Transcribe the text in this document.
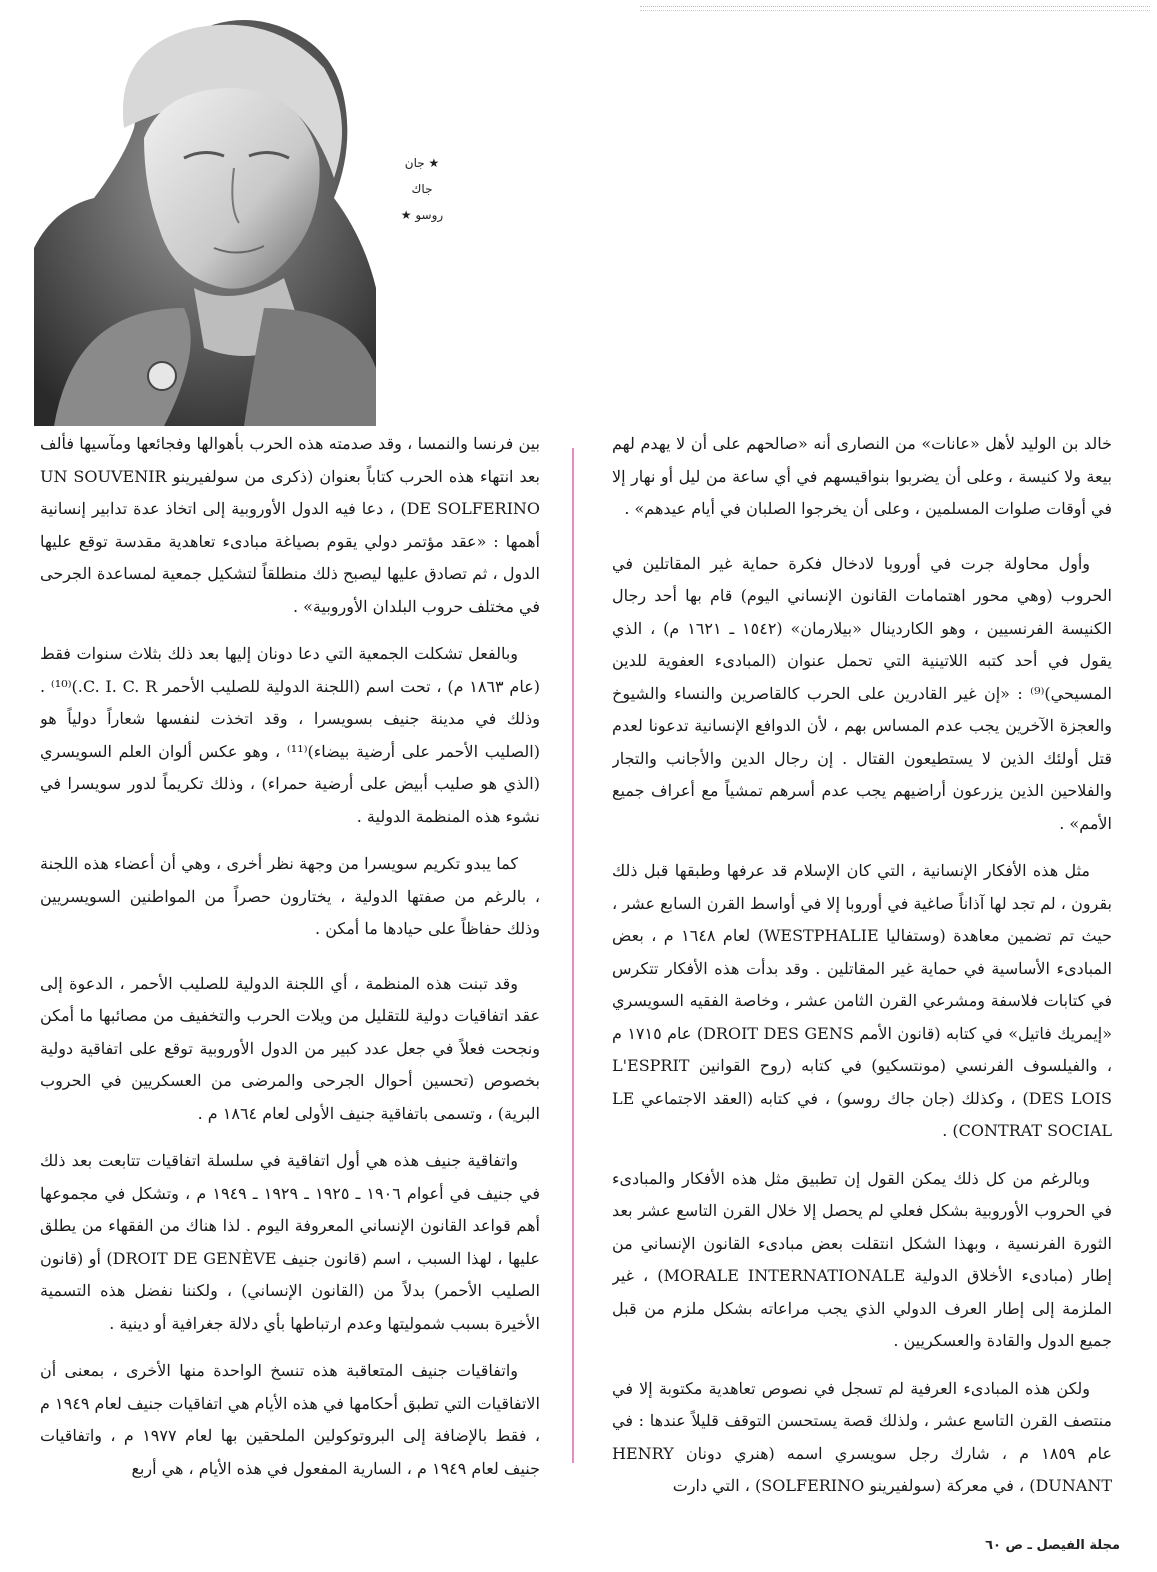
★ جان
جاك
روسو ★

خالد بن الوليد لأهل «عانات» من النصارى أنه «صالحهم على أن لا يهدم لهم بيعة ولا كنيسة ، وعلى أن يضربوا بنواقيسهم في أي ساعة من ليل أو نهار إلا في أوقات صلوات المسلمين ، وعلى أن يخرجوا الصلبان في أيام عيدهم» .

وأول محاولة جرت في أوروبا لادخال فكرة حماية غير المقاتلين في الحروب (وهي محور اهتمامات القانون الإنساني اليوم) قام بها أحد رجال الكنيسة الفرنسيين ، وهو الكاردينال «بيلارمان» (١٥٤٢ ـ ١٦٢١ م) ، الذي يقول في أحد كتبه اللاتينية التي تحمل عنوان (المبادىء العفوية للدين المسيحي)⁽⁹⁾ : «إن غير القادرين على الحرب كالقاصرين والنساء والشيوخ والعجزة الآخرين يجب عدم المساس بهم ، لأن الدوافع الإنسانية تدعونا لعدم قتل أولئك الذين لا يستطيعون القتال . إن رجال الدين والأجانب والتجار والفلاحين الذين يزرعون أراضيهم يجب عدم أسرهم تمشياً مع أعراف جميع الأمم» .

مثل هذه الأفكار الإنسانية ، التي كان الإسلام قد عرفها وطبقها قبل ذلك بقرون ، لم تجد لها آذاناً صاغية في أوروبا إلا في أواسط القرن السابع عشر ، حيث تم تضمين معاهدة (وستفاليا WESTPHALIE) لعام ١٦٤٨ م ، بعض المبادىء الأساسية في حماية غير المقاتلين . وقد بدأت هذه الأفكار تتكرس في كتابات فلاسفة ومشرعي القرن الثامن عشر ، وخاصة الفقيه السويسري «إيمريك فاتيل» في كتابه (قانون الأمم DROIT DES GENS) عام ١٧١٥ م ، والفيلسوف الفرنسي (مونتسكيو) في كتابه (روح القوانين L'ESPRIT DES LOIS) ، وكذلك (جان جاك روسو) ، في كتابه (العقد الاجتماعي LE CONTRAT SOCIAL) .

وبالرغم من كل ذلك يمكن القول إن تطبيق مثل هذه الأفكار والمبادىء في الحروب الأوروبية بشكل فعلي لم يحصل إلا خلال القرن التاسع عشر بعد الثورة الفرنسية ، وبهذا الشكل انتقلت بعض مبادىء القانون الإنساني من إطار (مبادىء الأخلاق الدولية MORALE INTERNATIONALE) ، غير الملزمة إلى إطار العرف الدولي الذي يجب مراعاته بشكل ملزم من قبل جميع الدول والقادة والعسكريين .

ولكن هذه المبادىء العرفية لم تسجل في نصوص تعاهدية مكتوبة إلا في منتصف القرن التاسع عشر ، ولذلك قصة يستحسن التوقف قليلاً عندها : في عام ١٨٥٩ م ، شارك رجل سويسري اسمه (هنري دونان HENRY DUNANT) ، في معركة (سولفيرينو SOLFERINO) ، التي دارت

بين فرنسا والنمسا ، وقد صدمته هذه الحرب بأهوالها وفجائعها ومآسيها فألف بعد انتهاء هذه الحرب كتاباً بعنوان (ذكرى من سولفيرينو UN SOUVENIR DE SOLFERINO) ، دعا فيه الدول الأوروبية إلى اتخاذ عدة تدابير إنسانية أهمها : «عقد مؤتمر دولي يقوم بصياغة مبادىء تعاهدية مقدسة توقع عليها الدول ، ثم تصادق عليها ليصبح ذلك منطلقاً لتشكيل جمعية لمساعدة الجرحى في مختلف حروب البلدان الأوروبية» .

وبالفعل تشكلت الجمعية التي دعا دونان إليها بعد ذلك بثلاث سنوات فقط (عام ١٨٦٣ م) ، تحت اسم (اللجنة الدولية للصليب الأحمر C. I. C. R.)⁽¹⁰⁾ . وذلك في مدينة جنيف بسويسرا ، وقد اتخذت لنفسها شعاراً دولياً هو (الصليب الأحمر على أرضية بيضاء)⁽¹¹⁾ ، وهو عكس ألوان العلم السويسري (الذي هو صليب أبيض على أرضية حمراء) ، وذلك تكريماً لدور سويسرا في نشوء هذه المنظمة الدولية .

كما يبدو تكريم سويسرا من وجهة نظر أخرى ، وهي أن أعضاء هذه اللجنة ، بالرغم من صفتها الدولية ، يختارون حصراً من المواطنين السويسريين وذلك حفاظاً على حيادها ما أمكن .

وقد تبنت هذه المنظمة ، أي اللجنة الدولية للصليب الأحمر ، الدعوة إلى عقد اتفاقيات دولية للتقليل من ويلات الحرب والتخفيف من مصائبها ما أمكن ونجحت فعلاً في جعل عدد كبير من الدول الأوروبية توقع على اتفاقية دولية بخصوص (تحسين أحوال الجرحى والمرضى من العسكريين في الحروب البرية) ، وتسمى باتفاقية جنيف الأولى لعام ١٨٦٤ م .

واتفاقية جنيف هذه هي أول اتفاقية في سلسلة اتفاقيات تتابعت بعد ذلك في جنيف في أعوام ١٩٠٦ ـ ١٩٢٥ ـ ١٩٢٩ ـ ١٩٤٩ م ، وتشكل في مجموعها أهم قواعد القانون الإنساني المعروفة اليوم . لذا هناك من الفقهاء من يطلق عليها ، لهذا السبب ، اسم (قانون جنيف DROIT DE GENÈVE) أو (قانون الصليب الأحمر) بدلاً من (القانون الإنساني) ، ولكننا نفضل هذه التسمية الأخيرة بسبب شموليتها وعدم ارتباطها بأي دلالة جغرافية أو دينية .

واتفاقيات جنيف المتعاقبة هذه تنسخ الواحدة منها الأخرى ، بمعنى أن الاتفاقيات التي تطبق أحكامها في هذه الأيام هي اتفاقيات جنيف لعام ١٩٤٩ م ، فقط بالإضافة إلى البروتوكولين الملحقين بها لعام ١٩٧٧ م ، واتفاقيات جنيف لعام ١٩٤٩ م ، السارية المفعول في هذه الأيام ، هي أربع

مجلة الفيصل ـ ص ٦٠
